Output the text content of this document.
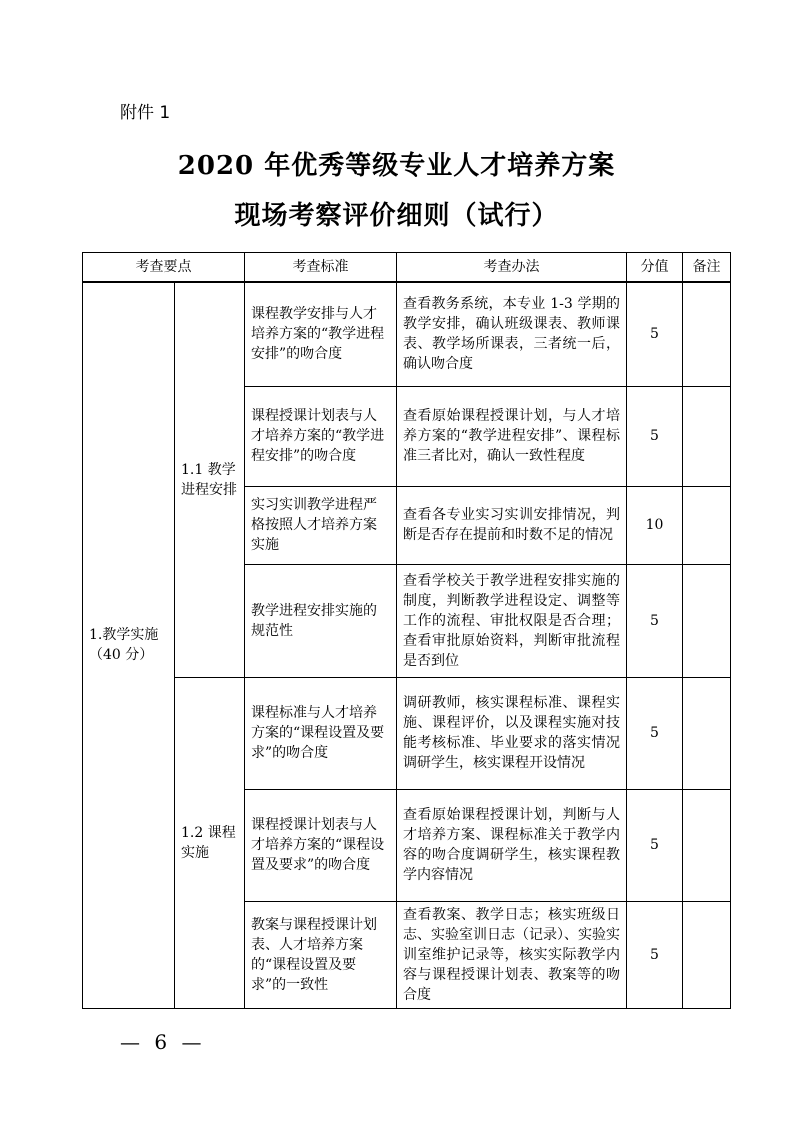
附件 1
2020 年优秀等级专业人才培养方案
现场考察评价细则（试行）
考查要点		考查标准	考查办法	分值	备注
1.教学实施（40 分）	1.1 教学进程安排	课程教学安排与人才培养方案的“教学进程安排”的吻合度	查看教务系统，本专业 1-3 学期的教学安排，确认班级课表、教师课表、教学场所课表，三者统一后，确认吻合度	5	
		课程授课计划表与人才培养方案的“教学进程安排”的吻合度	查看原始课程授课计划，与人才培养方案的“教学进程安排”、课程标准三者比对，确认一致性程度	5	
		实习实训教学进程严格按照人才培养方案实施	查看各专业实习实训安排情况，判断是否存在提前和时数不足的情况	10	
		教学进程安排实施的规范性	查看学校关于教学进程安排实施的制度，判断教学进程设定、调整等工作的流程、审批权限是否合理；查看审批原始资料，判断审批流程是否到位	5	
	1.2 课程实施	课程标准与人才培养方案的“课程设置及要求”的吻合度	调研教师，核实课程标准、课程实施、课程评价，以及课程实施对技能考核标准、毕业要求的落实情况调研学生，核实课程开设情况	5	
		课程授课计划表与人才培养方案的“课程设置及要求”的吻合度	查看原始课程授课计划，判断与人才培养方案、课程标准关于教学内容的吻合度调研学生，核实课程教学内容情况	5	
		教案与课程授课计划表、人才培养方案的“课程设置及要求”的一致性	查看教案、教学日志；核实班级日志、实验室训日志（记录）、实验实训室维护记录等，核实实际教学内容与课程授课计划表、教案等的吻合度	5	
— 6 —
